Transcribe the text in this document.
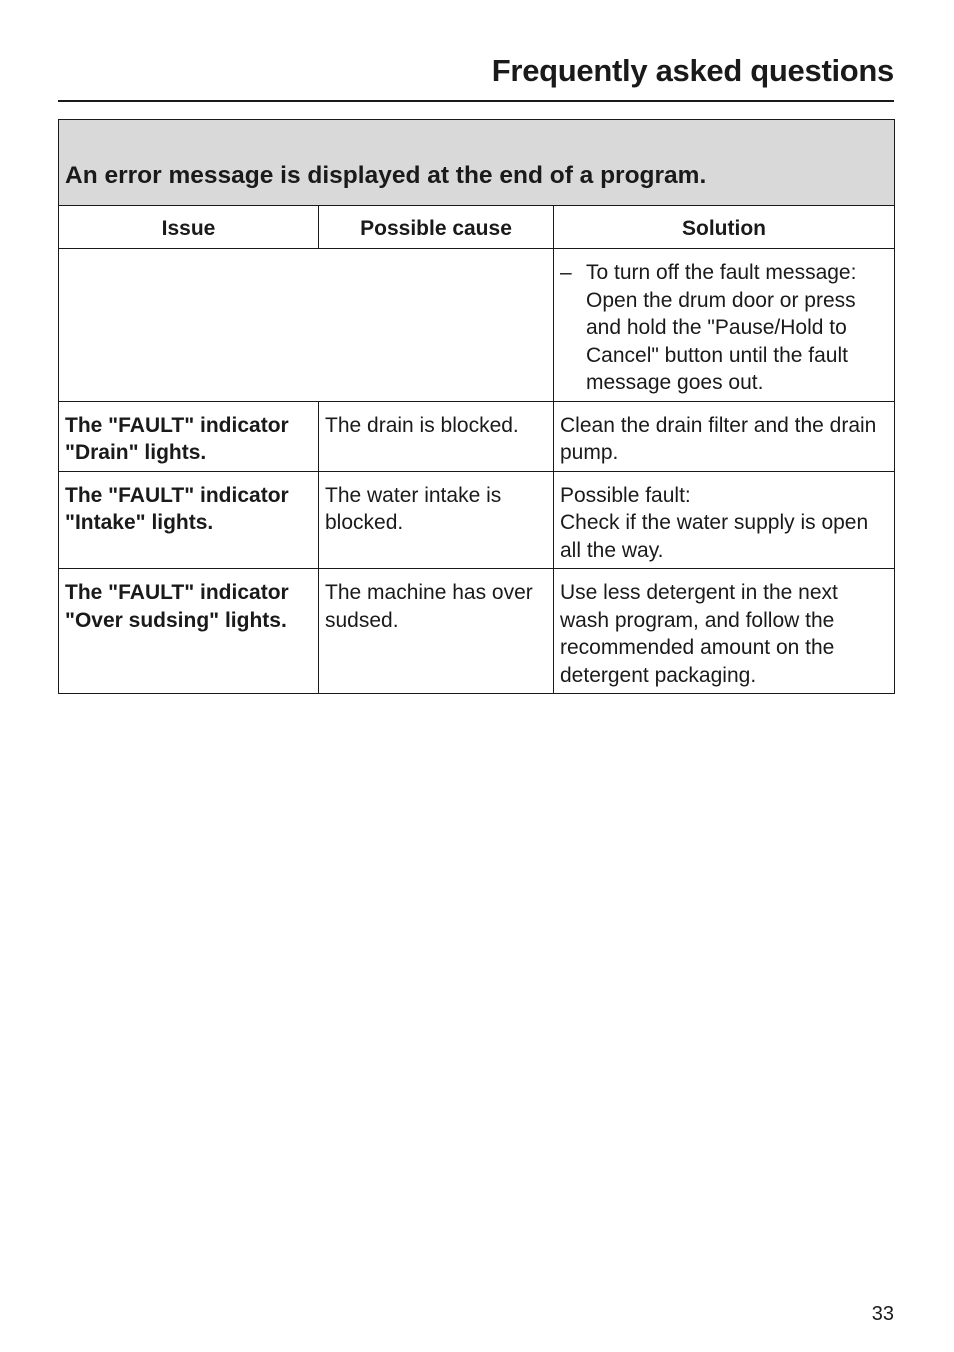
Frequently asked questions
An error message is displayed at the end of a program.		
Issue	Possible cause	Solution

		– To turn off the fault message: Open the drum door or press and hold the "Pause/Hold to Cancel" button until the fault message goes out.

The "FAULT" indicator "Drain" lights.	The drain is blocked.	Clean the drain filter and the drain pump.
The "FAULT" indicator "Intake" lights.	The water intake is blocked.	Possible fault:
Check if the water supply is open all the way.

The "FAULT" indicator "Over sudsing" lights.	The machine has over sudsed.	Use less detergent in the next wash program, and follow the recommended amount on the detergent packaging.
33
